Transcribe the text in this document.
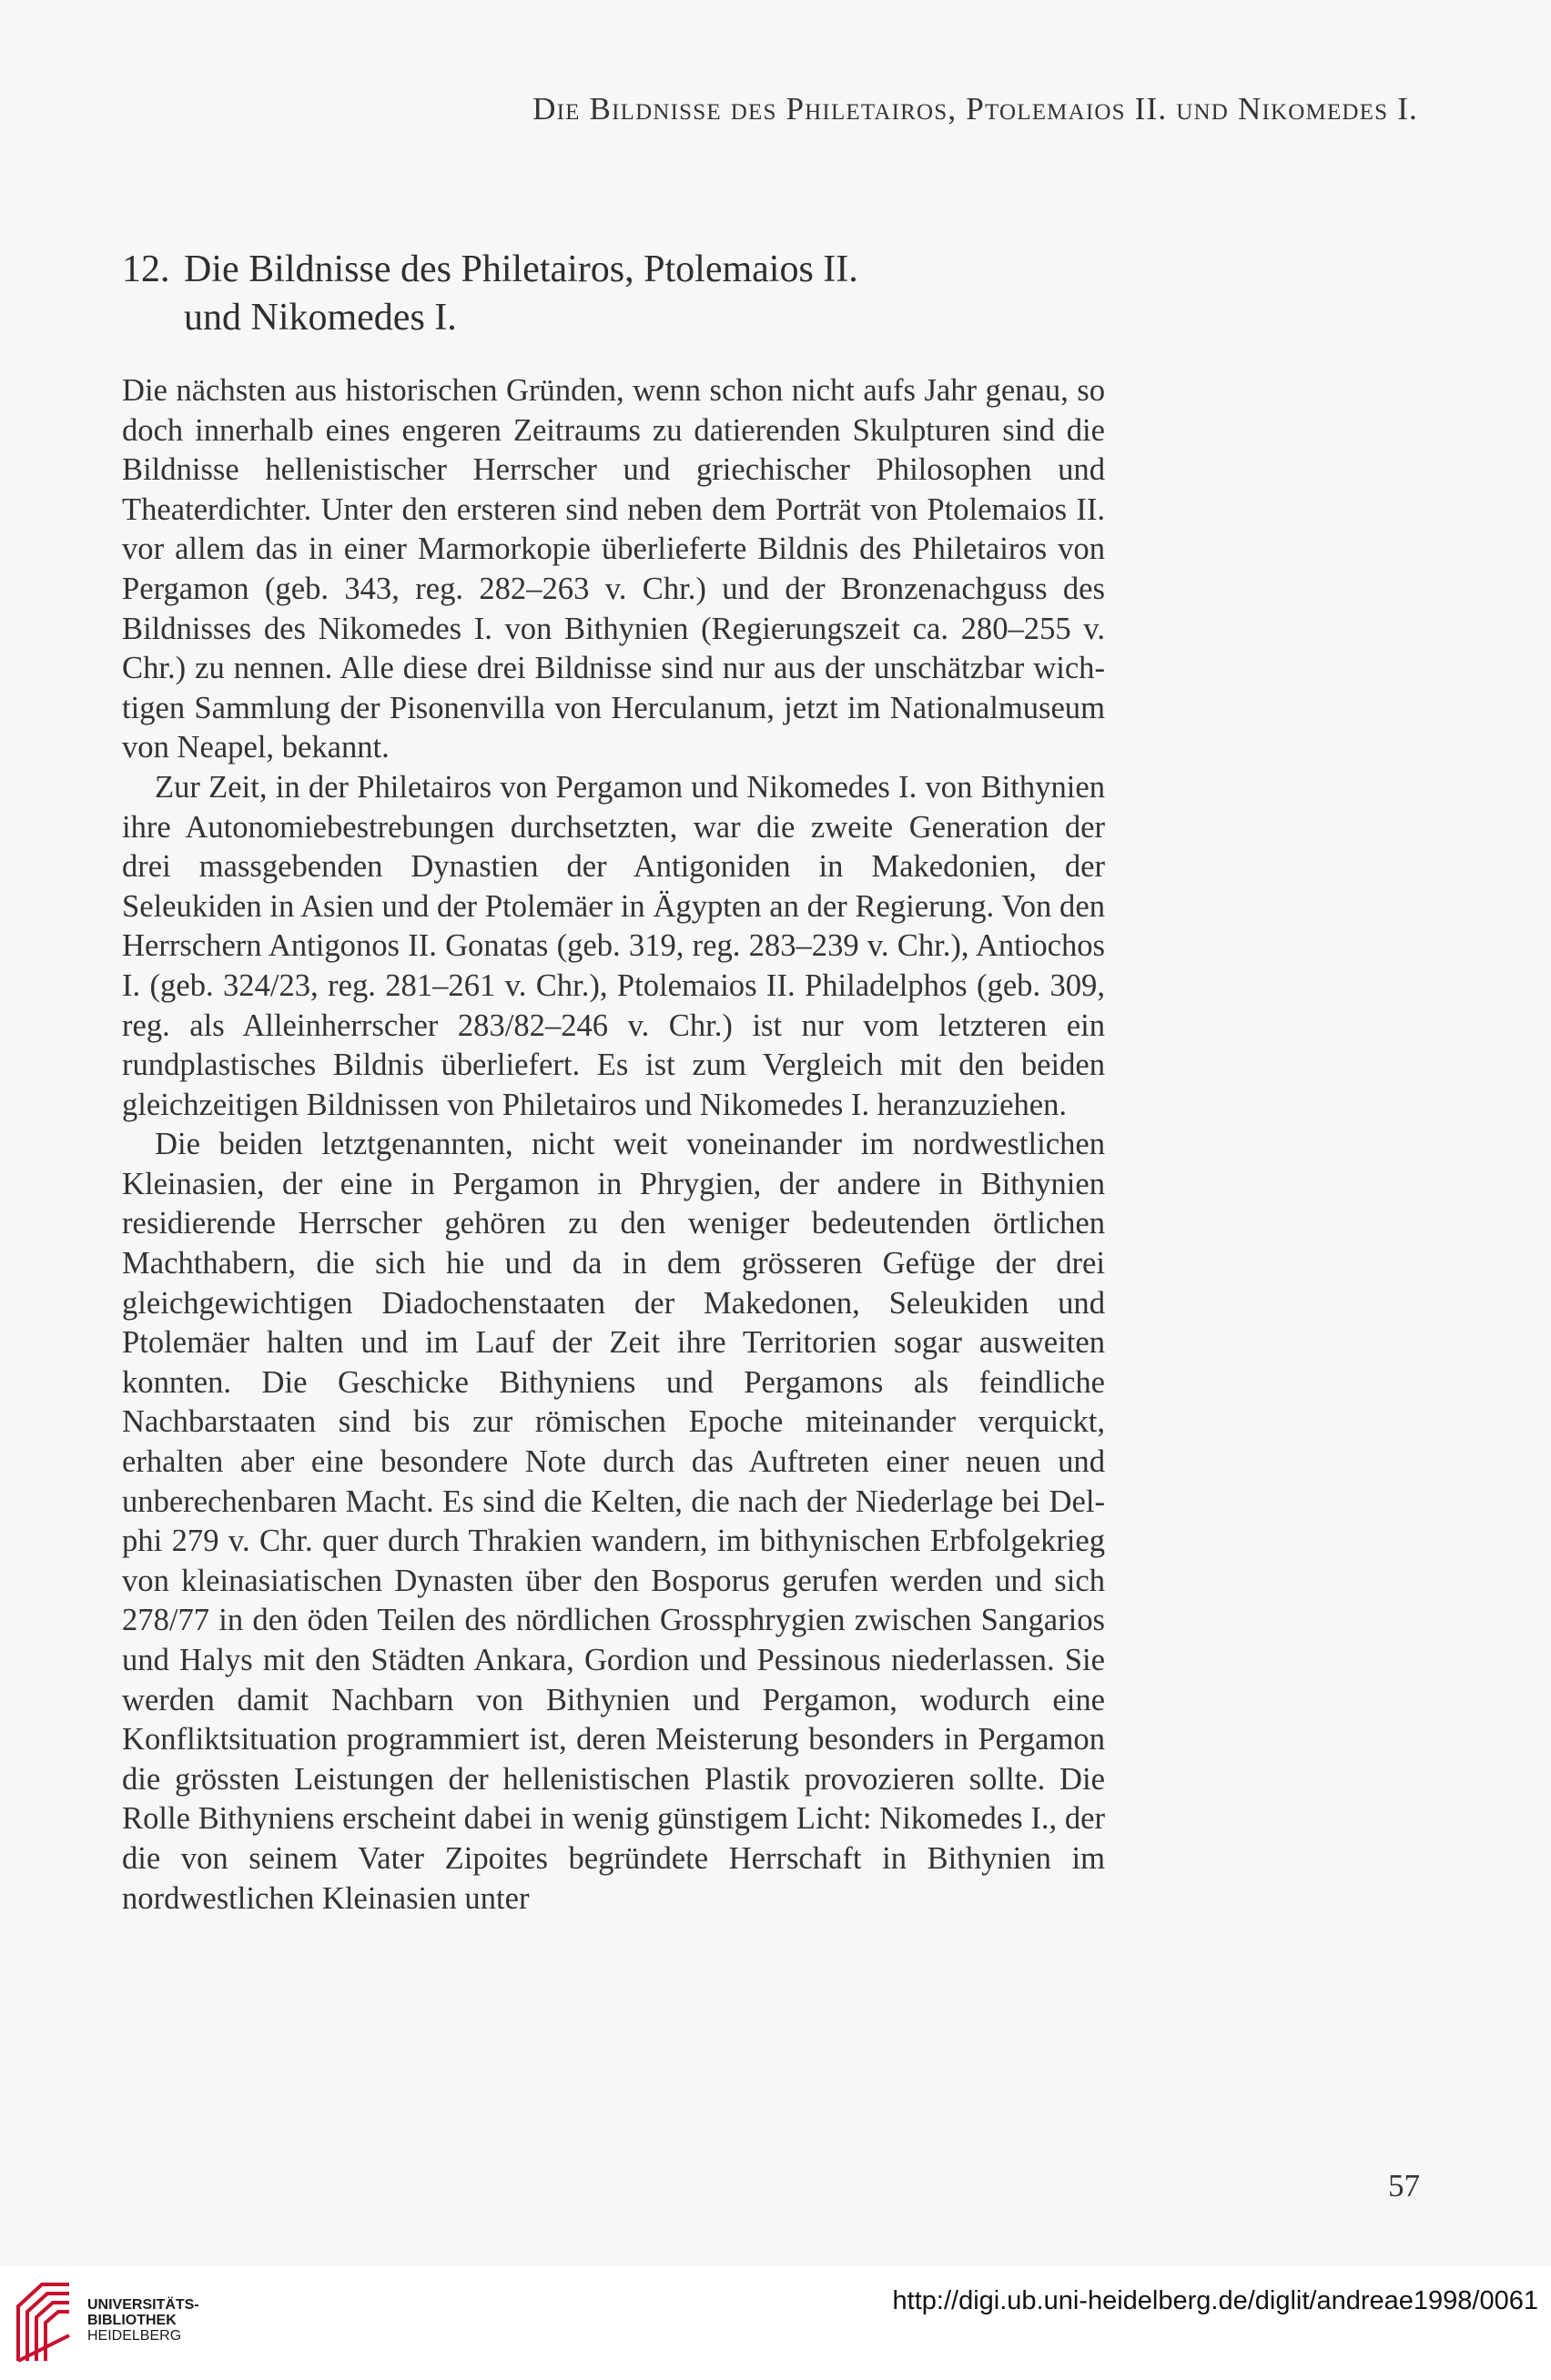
Die Bildnisse des Philetairos, Ptolemaios II. und Nikomedes I.
12. Die Bildnisse des Philetairos, Ptolemaios II.
und Nikomedes I.

Die nächsten aus historischen Gründen, wenn schon nicht aufs Jahr genau, so doch innerhalb eines engeren Zeitraums zu datierenden Skulpturen sind die Bildnisse hellenistischer Herrscher und griechischer Philosophen und Theaterdichter. Unter den ersteren sind neben dem Porträt von Ptolemaios II. vor allem das in einer Marmorkopie überlieferte Bildnis des Philetairos von Pergamon (geb. 343, reg. 282–263 v. Chr.) und der Bronzenachguss des Bildnisses des Nikomedes I. von Bithynien (Regierungszeit ca. 280–255 v. Chr.) zu nennen. Alle diese drei Bildnisse sind nur aus der unschätzbar wichtigen Sammlung der Pisonenvilla von Herculanum, jetzt im Nationalmuseum von Neapel, bekannt.

Zur Zeit, in der Philetairos von Pergamon und Nikomedes I. von Bithynien ihre Autonomiebestrebungen durchsetzten, war die zweite Generation der drei massgebenden Dynastien der Antigoniden in Makedonien, der Seleukiden in Asien und der Ptolemäer in Ägypten an der Regierung. Von den Herrschern Antigonos II. Gonatas (geb. 319, reg. 283–239 v. Chr.), Antiochos I. (geb. 324/23, reg. 281–261 v. Chr.), Ptolemaios II. Philadelphos (geb. 309, reg. als Alleinherrscher 283/82–246 v. Chr.) ist nur vom letzteren ein rundplastisches Bildnis überliefert. Es ist zum Vergleich mit den beiden gleichzeitigen Bildnissen von Philetairos und Nikomedes I. heranzuziehen.

Die beiden letztgenannten, nicht weit voneinander im nordwestlichen Kleinasien, der eine in Pergamon in Phrygien, der andere in Bithynien residierende Herrscher gehören zu den weniger bedeutenden örtlichen Machthabern, die sich hie und da in dem grösseren Gefüge der drei gleichgewichtigen Diadochenstaaten der Makedonen, Seleukiden und Ptolemäer halten und im Lauf der Zeit ihre Territorien sogar ausweiten konnten. Die Geschicke Bithyniens und Pergamons als feindliche Nachbarstaaten sind bis zur römischen Epoche miteinander verquickt, erhalten aber eine besondere Note durch das Auftreten einer neuen und unberechenbaren Macht. Es sind die Kelten, die nach der Niederlage bei Delphi 279 v. Chr. quer durch Thrakien wandern, im bithynischen Erbfolgekrieg von kleinasiatischen Dynasten über den Bosporus gerufen werden und sich 278/77 in den öden Teilen des nördlichen Grossphrygien zwischen Sangarios und Halys mit den Städten Ankara, Gordion und Pessinous niederlassen. Sie werden damit Nachbarn von Bithynien und Pergamon, wodurch eine Konfliktsituation programmiert ist, deren Meisterung besonders in Pergamon die grössten Leistungen der hellenistischen Plastik provozieren sollte. Die Rolle Bithyniens erscheint dabei in wenig günstigem Licht: Nikomedes I., der die von seinem Vater Zipoites begründete Herrschaft in Bithynien im nordwestlichen Kleinasien unter

57
UNIVERSITÄTS-
BIBLIOTHEK
HEIDELBERG
http://digi.ub.uni-heidelberg.de/diglit/andreae1998/0061
